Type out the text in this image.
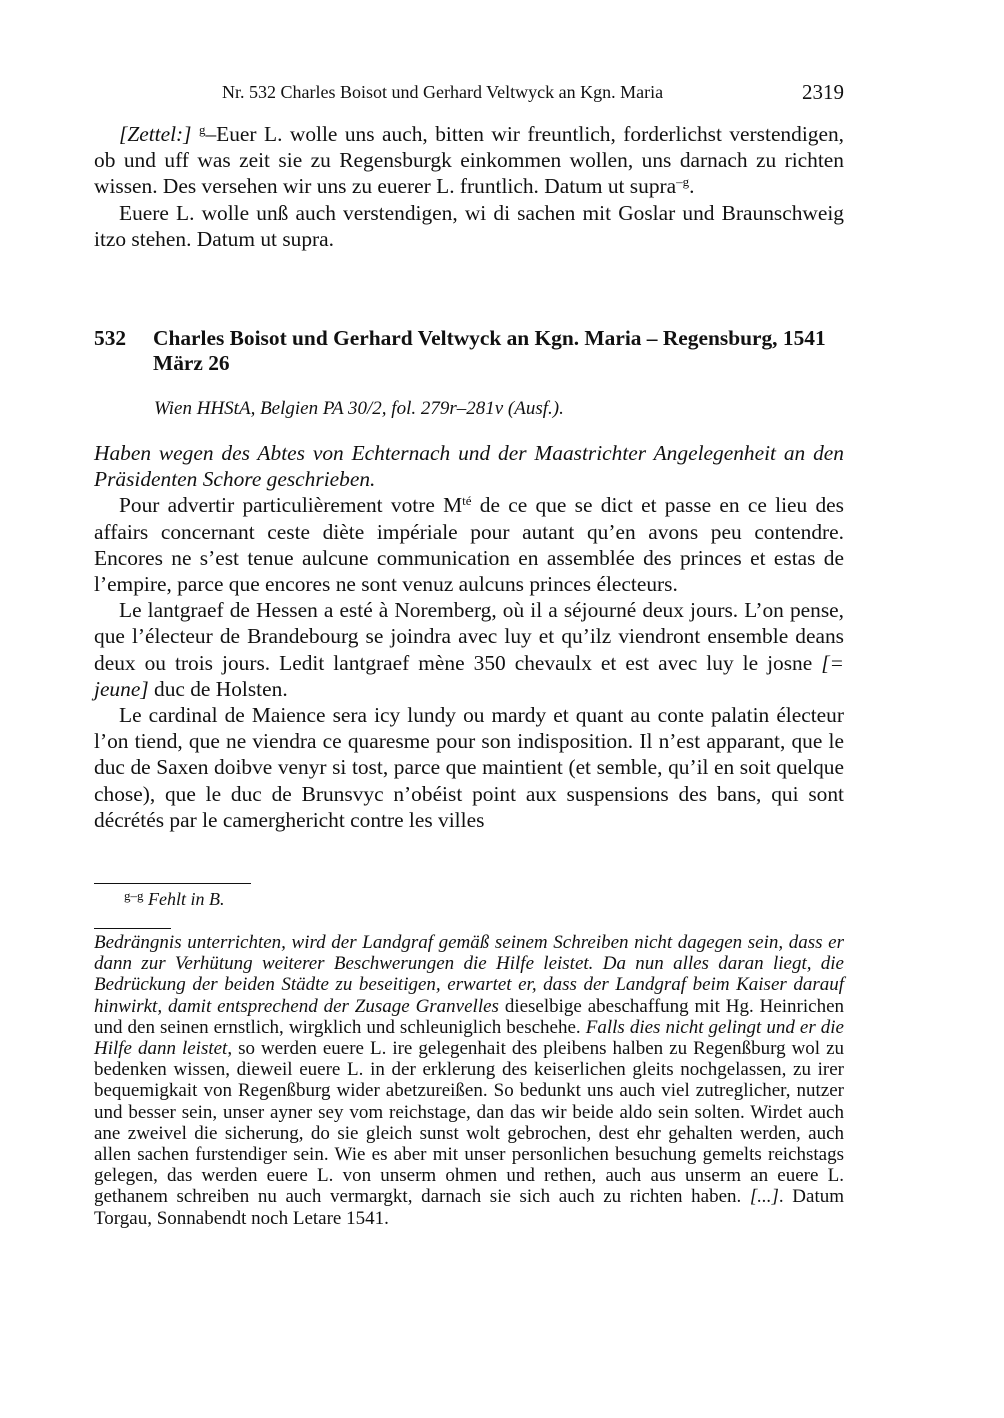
Nr. 532 Charles Boisot und Gerhard Veltwyck an Kgn. Maria	2319

[Zettel:] $^g$–Euer L. wolle uns auch, bitten wir freuntlich, forderlichst verstendigen, ob und uff was zeit sie zu Regensburgk einkommen wollen, uns darnach zu richten wissen. Des versehen wir uns zu euerer L. fruntlich. Datum ut supra$^{-g}$.

Euere L. wolle unß auch verstendigen, wi di sachen mit Goslar und Braunschweig itzo stehen. Datum ut supra.

532 Charles Boisot und Gerhard Veltwyck an Kgn. Maria – Regensburg, 1541 März 26
Wien HHStA, Belgien PA 30/2, fol. 279r–281v (Ausf.).

Haben wegen des Abtes von Echternach und der Maastrichter Angelegenheit an den Präsidenten Schore geschrieben.

Pour advertir particulièrement votre $M^{té}$ de ce que se dict et passe en ce lieu des affairs concernant ceste diète impériale pour autant qu’en avons peu contendre. Encores ne s’est tenue aulcune communication en assemblée des princes et estas de l’empire, parce que encores ne sont venuz aulcuns princes électeurs.

Le lantgraef de Hessen a esté à Noremberg, où il a séjourné deux jours. L’on pense, que l’électeur de Brandebourg se joindra avec luy et qu’ilz viendront ensemble deans deux ou trois jours. Ledit lantgraef mène 350 chevaulx et est avec luy le josne [= jeune] duc de Holsten.

Le cardinal de Maience sera icy lundy ou mardy et quant au conte palatin électeur l’on tiend, que ne viendra ce quaresme pour son indisposition. Il n’est apparant, que le duc de Saxen doibve venyr si tost, parce que maintient (et semble, qu’il en soit quelque chose), que le duc de Brunsvyc n’obéist point aux suspensions des bans, qui sont décrétés par le camerghericht contre les villes

$^{g-g}$ Fehlt in B.

Bedrängnis unterrichten, wird der Landgraf gemäß seinem Schreiben nicht dagegen sein, dass er dann zur Verhütung weiterer Beschwerungen die Hilfe leistet. Da nun alles daran liegt, die Bedrückung der beiden Städte zu beseitigen, erwartet er, dass der Landgraf beim Kaiser darauf hinwirkt, damit entsprechend der Zusage Granvelles dieselbige abeschaffung mit Hg. Heinrichen und den seinen ernstlich, wirgklich und schleuniglich beschehe. Falls dies nicht gelingt und er die Hilfe dann leistet, so werden euere L. ire gelegenhait des pleibens halben zu Regenßburg wol zu bedenken wissen, dieweil euere L. in der erklerung des keiserlichen gleits nochgelassen, zu irer bequemigkait von Regenßburg wider abetzureißen. So bedunkt uns auch viel zutreglicher, nutzer und besser sein, unser ayner sey vom reichstage, dan das wir beide aldo sein solten. Wirdet auch ane zweivel die sicherung, do sie gleich sunst wolt gebrochen, dest ehr gehalten werden, auch allen sachen furstendiger sein. Wie es aber mit unser personlichen besuchung gemelts reichstags gelegen, das werden euere L. von unserm ohmen und rethen, auch aus unserm an euere L. gethanem schreiben nu auch vermargkt, darnach sie sich auch zu richten haben. [...]. Datum Torgau, Sonnabendt noch Letare 1541.
